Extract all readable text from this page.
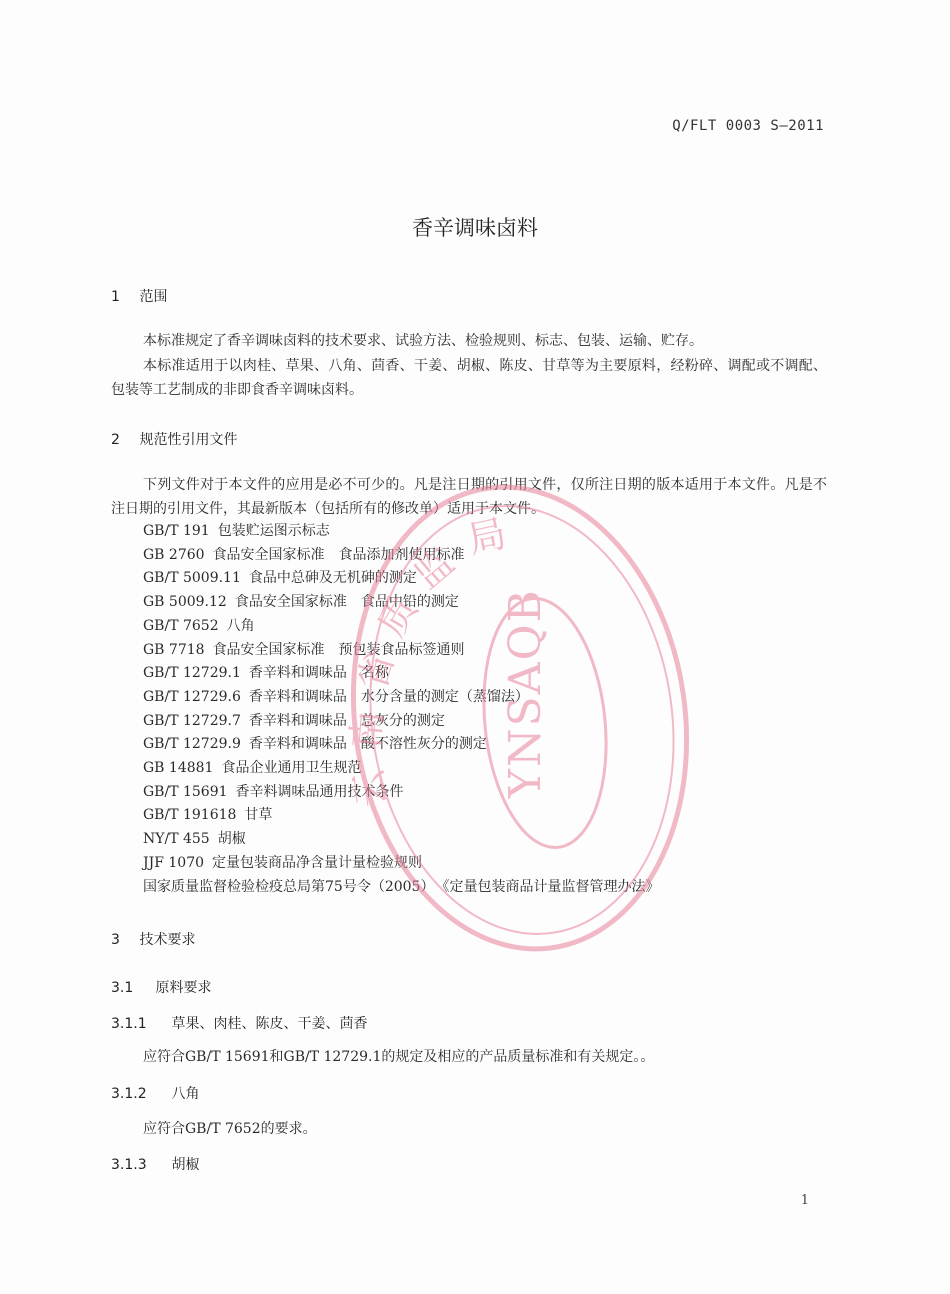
Q/FLT 0003 S—2011
香辛调味卤料
1 范围
本标准规定了香辛调味卤料的技术要求、试验方法、检验规则、标志、包装、运输、贮存。
本标准适用于以肉桂、草果、八角、茴香、干姜、胡椒、陈皮、甘草等为主要原料，经粉碎、调配或不调配、包装等工艺制成的非即食香辛调味卤料。
2 规范性引用文件
下列文件对于本文件的应用是必不可少的。凡是注日期的引用文件，仅所注日期的版本适用于本文件。凡是不注日期的引用文件，其最新版本（包括所有的修改单）适用于本文件。
GB/T 191 包装贮运图示标志
GB 2760 食品安全国家标准　食品添加剂使用标准
GB/T 5009.11 食品中总砷及无机砷的测定
GB 5009.12 食品安全国家标准　食品中铅的测定
GB/T 7652 八角
GB 7718 食品安全国家标准　预包装食品标签通则
GB/T 12729.1 香辛料和调味品　名称
GB/T 12729.6 香辛料和调味品　水分含量的测定（蒸馏法）
GB/T 12729.7 香辛料和调味品　总灰分的测定
GB/T 12729.9 香辛料和调味品　酸不溶性灰分的测定
GB 14881 食品企业通用卫生规范
GB/T 15691 香辛料调味品通用技术条件
GB/T 191618 甘草
NY/T 455 胡椒
JJF 1070 定量包装商品净含量计量检验规则
国家质量监督检验检疫总局第75号令（2005） 《定量包装商品计量监督管理办法》
3 技术要求
3.1 原料要求
3.1.1 草果、肉桂、陈皮、干姜、茴香
应符合GB/T 15691和GB/T 12729.1的规定及相应的产品质量标准和有关规定。。
3.1.2 八角
应符合GB/T 7652的要求。
3.1.3 胡椒
1
YNSAQB
云南省质监局
